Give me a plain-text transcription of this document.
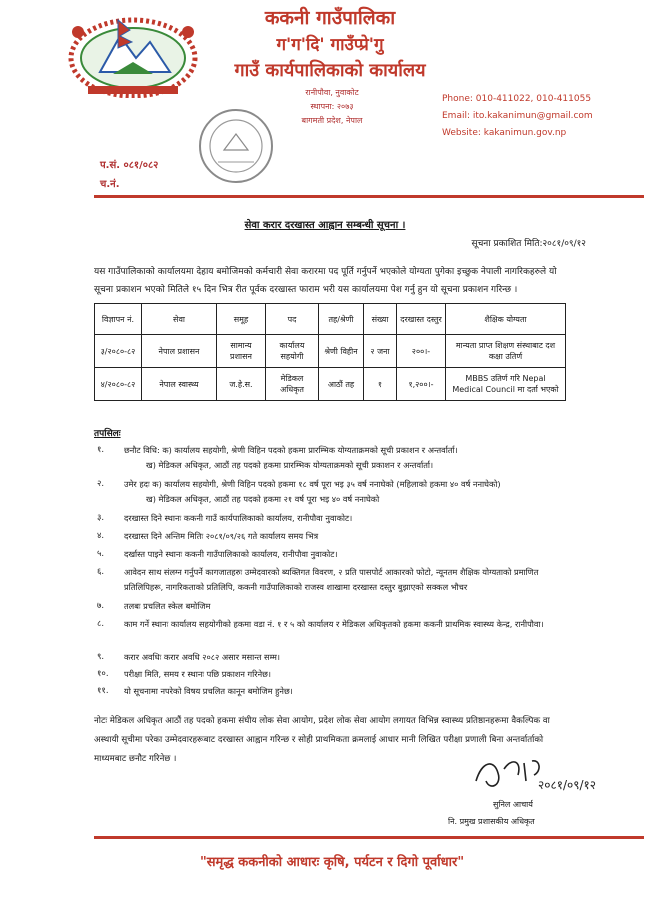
ककनी गाउँपालिका
ग'ग'दि' गाउँप्प्रे'गु
गाउँ कार्यपालिकाको कार्यालय
रानीपौवा, नुवाकोट
स्थापना: २०७३
बागमती प्रदेश, नेपाल
Phone: 010-411022, 010-411055
Email: ito.kakanimun@gmail.com
Website: kakanimun.gov.np
प.सं. ०८१/०८२
च.नं.
सेवा करार दरखास्त आह्वान सम्बन्धी सूचना ।
सूचना प्रकाशित मिति:२०८१/०९/१२
यस गाउँपालिकाको कार्यालयमा देहाय बमोजिमको कर्मचारी सेवा करारमा पद पूर्ति गर्नुपर्ने भएकोले योग्यता पुगेका इच्छुक नेपाली नागरिकहरुले यो सूचना प्रकाशन भएको मितिले १५ दिन भित्र रीत पूर्वक दरखास्त फाराम भरी यस कार्यालयमा पेश गर्नु हुन यो सूचना प्रकाशन गरिन्छ ।
विज्ञापन नं.	सेवा	समूह	पद	तह/श्रेणी	संख्या	दरखास्त दस्तुर	शैक्षिक योग्यता
३/२०८०-८२	नेपाल प्रशासन	सामान्य प्रशासन	कार्यालय सहयोगी	श्रेणी विहीन	२ जना	२००।-	मान्यता प्राप्त शिक्षण संस्थाबाट दश कक्षा उतिर्ण
४/२०८०-८२	नेपाल स्वास्थ्य	ज.हे.स.	मेडिकल अधिकृत	आठौं तह	१	१,२००।-	MBBS उतिर्ण गरि Nepal Medical Council मा दर्ता भएको
तपसिलः
१. छनौट विधि: क) कार्यालय सहयोगी, श्रेणी विहिन पदको हकमा प्रारम्भिक योग्यताक्रमको सूची प्रकाशन र अन्तर्वार्ता।
ख) मेडिकल अधिकृत, आठौं तह पदको हकमा प्रारम्भिक योग्यताक्रमको सूची प्रकाशन र अन्तर्वार्ता।
२. उमेर हदः क) कार्यालय सहयोगी, श्रेणी विहिन पदको हकमा १८ वर्ष पूरा भइ ३५ वर्ष ननाघेको (महिलाको हकमा ४० वर्ष ननाघेको)
ख) मेडिकल अधिकृत, आठौं तह पदको हकमा २१ वर्ष पूरा भइ ४० वर्ष ननाघेको
३. दरखास्त दिने स्थानः ककनी गाउँ कार्यपालिकाको कार्यालय, रानीपौवा नुवाकोट।
४. दरखास्त दिने अन्तिम मितिः २०८१/०९/२६ गते कार्यालय समय भित्र
५. दर्खास्त पाइने स्थानः ककनी गाउँपालिकाको कार्यालय, रानीपौवा नुवाकोट।
६. आवेदन साथ संलग्न गर्नुपर्ने कागजातहरुः उम्मेदवारको ब्यक्तिगत विवरण, २ प्रति पासपोर्ट आकारको फोटो, न्यूनतम शैक्षिक योग्यताको प्रमाणित प्रतिलिपिहरू, नागरिकताको प्रतिलिपि, ककनी गाउँपालिकाको राजस्व शाखामा दरखास्त दस्तुर बुझाएको सक्कल भौचर
७. तलबः प्रचलित स्केल बमोजिम
८. काम गर्ने स्थानः कार्यालय सहयोगीको हकमा वडा नं. १ र ५ को कार्यालय र मेडिकल अधिकृतको हकमा ककनी प्राथमिक स्वास्थ्य केन्द्र, रानीपौवा।
९. करार अवधिः करार अवधि २०८२ असार मसान्त सम्म।
१०. परीक्षा मिति, समय र स्थानः पछि प्रकाशन गरिनेछ।
११. यो सूचनामा नपरेको विषय प्रचलित कानून बमोजिम हुनेछ।
नोटः मेडिकल अधिकृत आठौं तह पदको हकमा संघीय लोक सेवा आयोग, प्रदेश लोक सेवा आयोग लगायत विभिन्न स्वास्थ्य प्रतिष्ठानहरूमा वैकल्पिक वा अस्थायी सूचीमा परेका उम्मेदवारहरूबाट दरखास्त आह्वान गरिन्छ र सोही प्राथमिकता क्रमलाई आधार मानी लिखित परीक्षा प्रणाली बिना अन्तर्वार्ताको माध्यमबाट छनौट गरिनेछ ।
२०८१/०९/१२
सुनिल आचार्य
नि. प्रमुख प्रशासकीय अधिकृत
"समृद्ध ककनीको आधारः कृषि, पर्यटन र दिगो पूर्वाधार"
